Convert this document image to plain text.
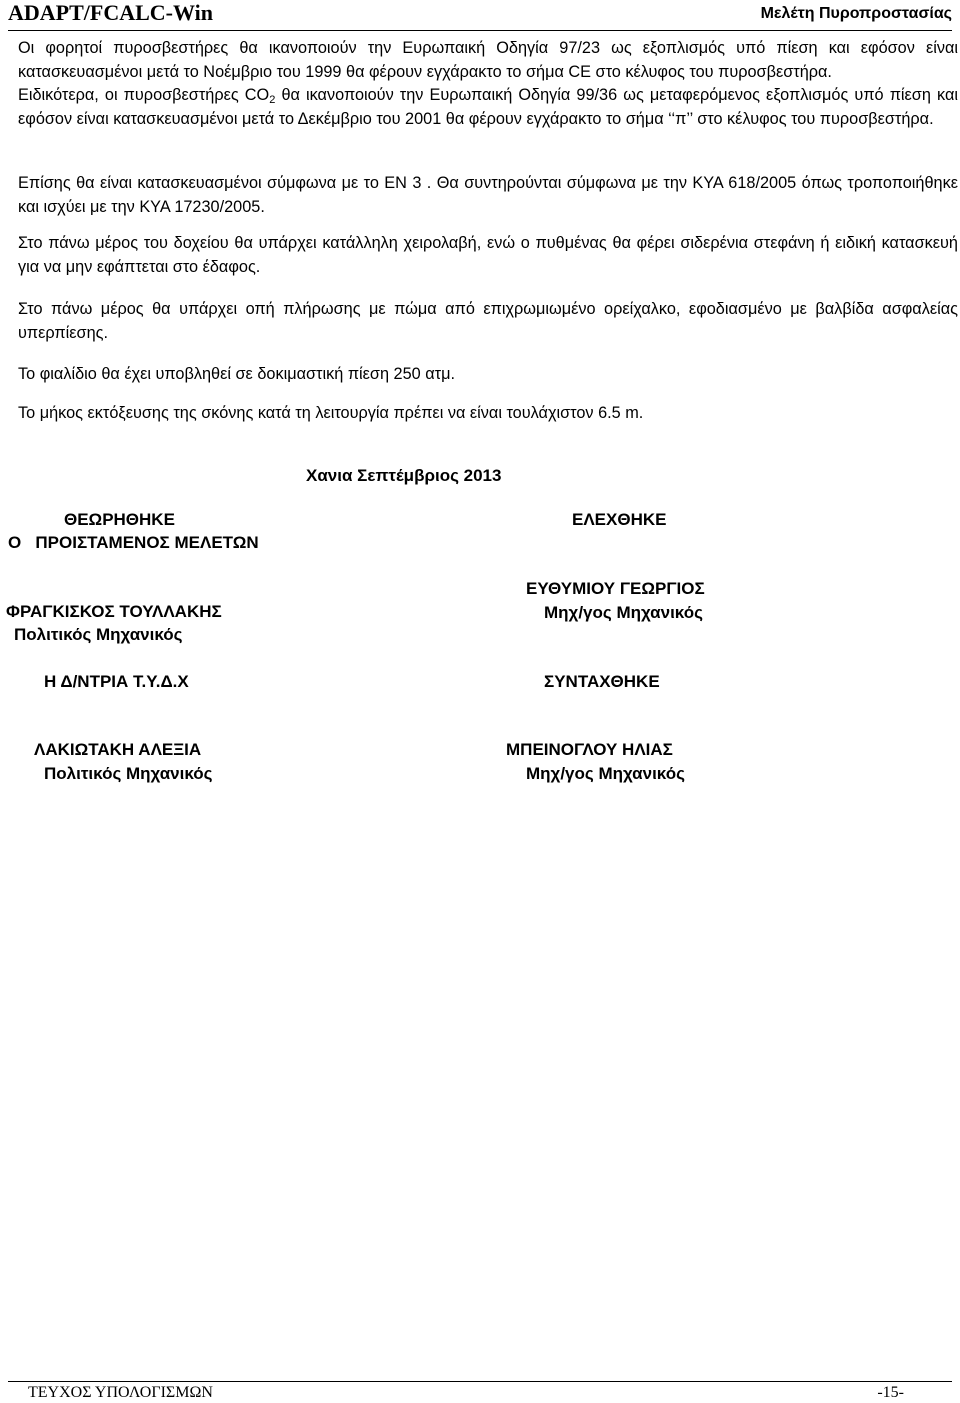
ADAPT/FCALC-Win	Μελέτη Πυροπροστασίας

Οι φορητοί πυροσβεστήρες θα ικανοποιούν την Ευρωπαική Οδηγία 97/23 ως εξοπλισμός υπό πίεση και εφόσον είναι κατασκευασμένοι μετά το Νοέμβριο του 1999 θα φέρουν εγχάρακτο το σήμα CE στο κέλυφος του πυροσβεστήρα.

Ειδικότερα, οι πυροσβεστήρες $CO_2$ θα ικανοποιούν την Ευρωπαική Οδηγία 99/36 ως μεταφερόμενος εξοπλισμός υπό πίεση και εφόσον είναι κατασκευασμένοι μετά το Δεκέμβριο του 2001 θα φέρουν εγχάρακτο το σήμα ‘‘π’’ στο κέλυφος του πυροσβεστήρα.

Επίσης θα είναι κατασκευασμένοι σύμφωνα με το ΕΝ 3 . Θα συντηρούνται σύμφωνα με την ΚΥΑ 618/2005 όπως τροποποιήθηκε και ισχύει με την ΚΥΑ 17230/2005.
Στο πάνω μέρος του δοχείου θα υπάρχει κατάλληλη χειρολαβή, ενώ ο πυθμένας θα φέρει σιδερένια στεφάνη ή ειδική κατασκευή για να μην εφάπτεται στο έδαφος.
Στο πάνω μέρος θα υπάρχει οπή πλήρωσης με πώμα από επιχρωμιωμένο ορείχαλκο, εφοδιασμένο με βαλβίδα ασφαλείας υπερπίεσης.
Το φιαλίδιο θα έχει υποβληθεί σε δοκιμαστική πίεση 250 ατμ.
Το μήκος εκτόξευσης της σκόνης κατά τη λειτουργία πρέπει να είναι τουλάχιστον 6.5 m.
Χανια Σεπτέμβριος 2013
ΘΕΩΡΗΘΗΚΕ
Ο   ΠΡΟΙΣΤΑΜΕΝΟΣ ΜΕΛΕΤΩΝ
ΕΛΕΧΘΗΚΕ
ΕΥΘΥΜΙΟΥ ΓΕΩΡΓΙΟΣ
Μηχ/γος Μηχανικός
ΦΡΑΓΚΙΣΚΟΣ ΤΟΥΛΛΑΚΗΣ
Πολιτικός Μηχανικός
Η Δ/ΝΤΡΙΑ Τ.Υ.Δ.Χ	ΣΥΝΤΑΧΘΗΚΕ
ΛΑΚΙΩΤΑΚΗ ΑΛΕΞΙΑ
Πολιτικός Μηχανικός
ΜΠΕΙΝΟΓΛΟΥ ΗΛΙΑΣ
Μηχ/γος Μηχανικός
ΤΕΥΧΟΣ ΥΠΟΛΟΓΙΣΜΩΝ	-15-
